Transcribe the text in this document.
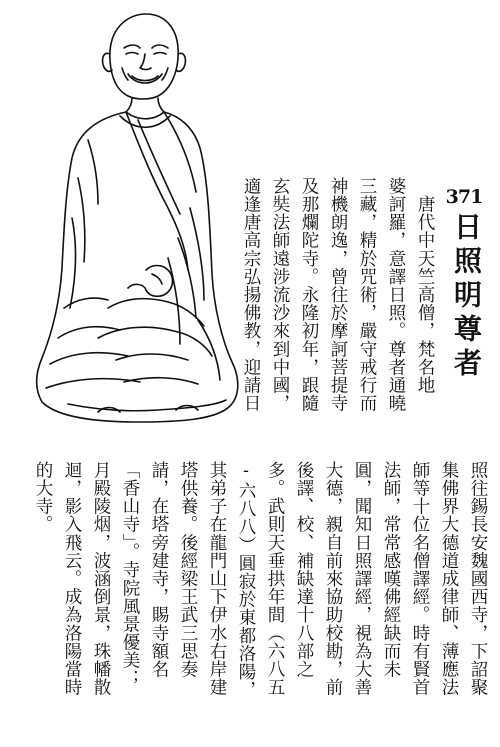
371
日照明尊者
　唐代中天竺高僧，梵名地
婆訶羅，意譯日照。尊者通曉
三藏，精於咒術，嚴守戒行而
神機朗逸，曾往於摩訶菩提寺
及那爛陀寺。永隆初年，跟隨
玄奘法師遠涉流沙來到中國，
適逢唐高宗弘揚佛教，迎請日
照往錫長安魏國西寺，下詔聚
集佛界大德道成律師、薄應法
師等十位名僧譯經。時有賢首
法師，常常感嘆佛經缺而未
圓，聞知日照譯經，視為大善
大德，親自前來協助校勘，前
後譯、校、補缺達十八部之
多。武則天垂拱年間（六八五
-六八八）圓寂於東都洛陽，
其弟子在龍門山下伊水右岸建
塔供養。後經梁王武三思奏
請，在塔旁建寺，賜寺額名
「香山寺」。寺院風景優美；
月殿陵烟，波涵倒景，珠幡散
迴，影入飛云。成為洛陽當時
的大寺。
